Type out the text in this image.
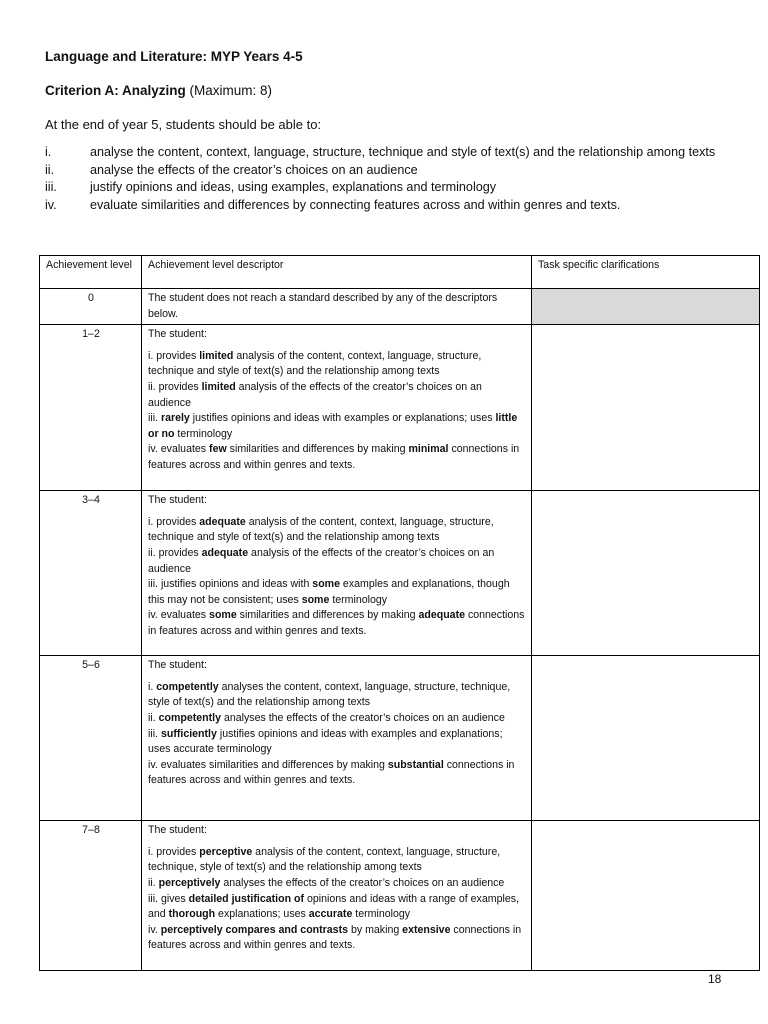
Language and Literature: MYP Years 4-5
Criterion A: Analyzing (Maximum: 8)
At the end of year 5, students should be able to:
i.	analyse the content, context, language, structure, technique and style of text(s) and the relationship among texts
ii.	analyse the effects of the creator’s choices on an audience
iii.	justify opinions and ideas, using examples, explanations and terminology
iv.	evaluate similarities and differences by connecting features across and within genres and texts.
Achievement level	Achievement level descriptor	Task specific clarifications
0	The student does not reach a standard described by any of the descriptors below.	
1–2	The student:
i. provides limited analysis of the content, context, language, structure, technique and style of text(s) and the relationship among texts
ii. provides limited analysis of the effects of the creator’s choices on an audience
iii. rarely justifies opinions and ideas with examples or explanations; uses little or no terminology
iv. evaluates few similarities and differences by making minimal connections in features across and within genres and texts.	

3–4	The student:
i. provides adequate analysis of the content, context, language, structure, technique and style of text(s) and the relationship among texts
ii. provides adequate analysis of the effects of the creator’s choices on an audience
iii. justifies opinions and ideas with some examples and explanations, though this may not be consistent; uses some terminology
iv. evaluates some similarities and differences by making adequate connections in features across and within genres and texts.	

5–6	The student:
i. competently analyses the content, context, language, structure, technique, style of text(s) and the relationship among texts
ii. competently analyses the effects of the creator’s choices on an audience
iii. sufficiently justifies opinions and ideas with examples and explanations; uses accurate terminology
iv. evaluates similarities and differences by making substantial connections in features across and within genres and texts.	

7–8	The student:
i. provides perceptive analysis of the content, context, language, structure, technique, style of text(s) and the relationship among texts
ii. perceptively analyses the effects of the creator’s choices on an audience
iii. gives detailed justification of opinions and ideas with a range of examples, and thorough explanations; uses accurate terminology
iv. perceptively compares and contrasts by making extensive connections in features across and within genres and texts.	

18
